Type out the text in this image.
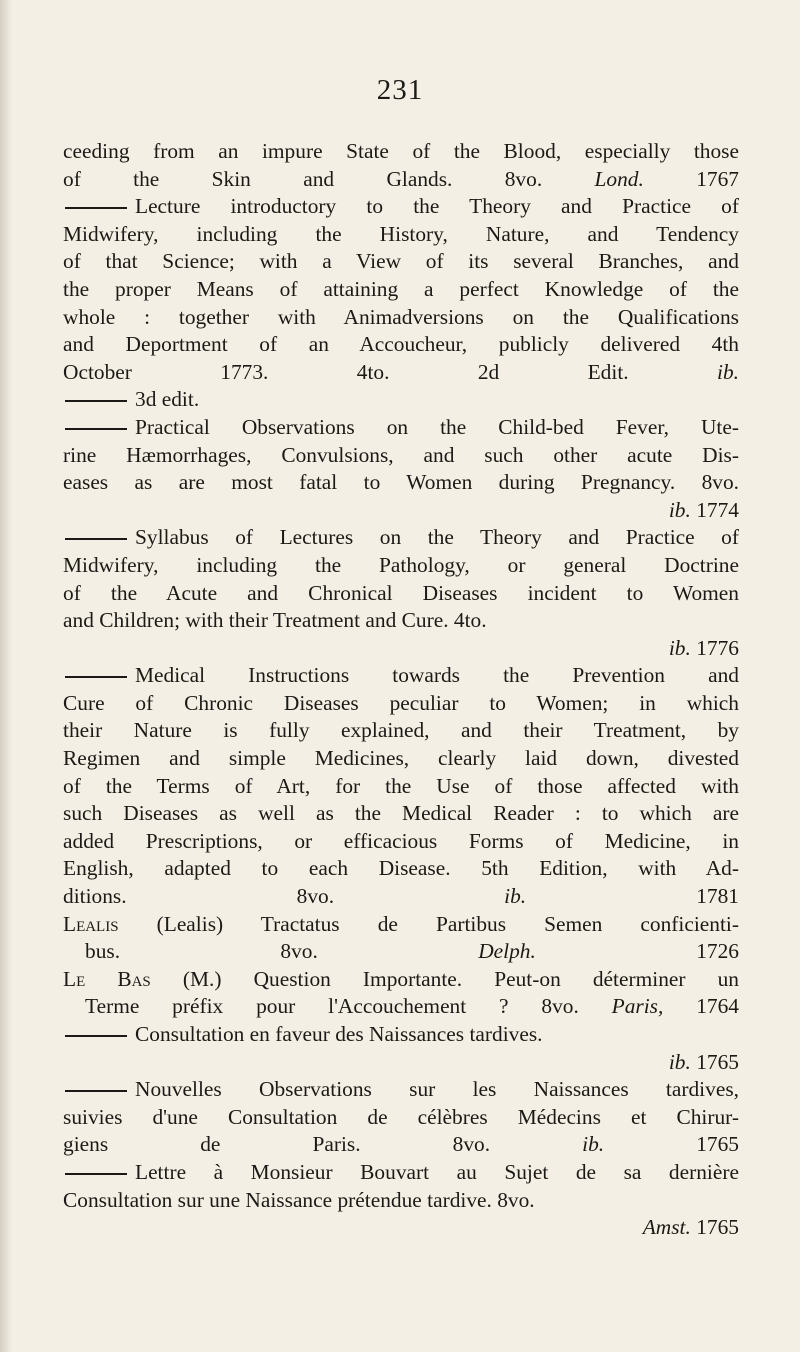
231
ceeding from an impure State of the Blood, especially those
of the Skin and Glands. 8vo. Lond. 1767
Lecture introductory to the Theory and Practice of
Midwifery, including the History, Nature, and Tendency
of that Science; with a View of its several Branches, and
the proper Means of attaining a perfect Knowledge of the
whole : together with Animadversions on the Qualifications
and Deportment of an Accoucheur, publicly delivered 4th
October 1773. 4to. 2d Edit.	ib.
3d edit.
Practical Observations on the Child-bed Fever, Ute-
rine Hæmorrhages, Convulsions, and such other acute Dis-
eases as are most fatal to Women during Pregnancy. 8vo.
ib. 1774
Syllabus of Lectures on the Theory and Practice of
Midwifery, including the Pathology, or general Doctrine
of the Acute and Chronical Diseases incident to Women
and Children; with their Treatment and Cure. 4to.
ib. 1776
Medical Instructions towards the Prevention and
Cure of Chronic Diseases peculiar to Women; in which
their Nature is fully explained, and their Treatment, by
Regimen and simple Medicines, clearly laid down, divested
of the Terms of Art, for the Use of those affected with
such Diseases as well as the Medical Reader : to which are
added Prescriptions, or efficacious Forms of Medicine, in
English, adapted to each Disease. 5th Edition, with Ad-
ditions. 8vo.	ib. 1781
Lealis (Lealis) Tractatus de Partibus Semen conficienti-
bus. 8vo.	Delph. 1726
Le Bas (M.) Question Importante. Peut-on déterminer un
Terme préfix pour l'Accouchement ? 8vo. Paris, 1764
Consultation en faveur des Naissances tardives.
ib. 1765
Nouvelles Observations sur les Naissances tardives,
suivies d'une Consultation de célèbres Médecins et Chirur-
giens de Paris. 8vo.	ib. 1765
Lettre à Monsieur Bouvart au Sujet de sa dernière
Consultation sur une Naissance prétendue tardive. 8vo.
Amst. 1765
